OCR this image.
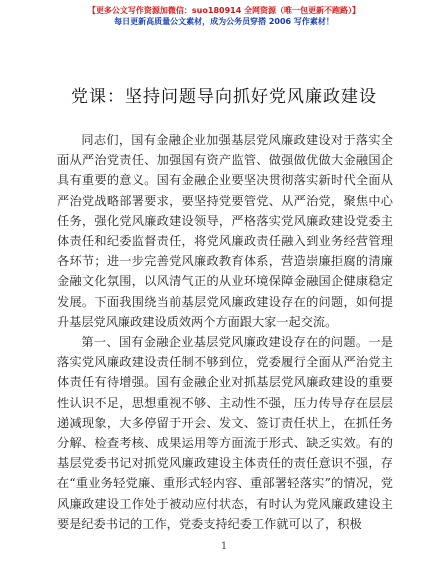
【更多公文写作资源加微信：suo180914 全网资源（唯一包更新不跑路）】
每日更新高质量公文素材，成为公务员穿搭 2006 写作素材！
党课：坚持问题导向抓好党风廉政建设

同志们，国有金融企业加强基层党风廉政建设对于落实全面从严治党责任、加强国有资产监管、做强做优做大金融国企具有重要的意义。国有金融企业要坚决贯彻落实新时代全面从严治党战略部署要求，要坚持党要管党、从严治党，聚焦中心任务，强化党风廉政建设领导，严格落实党风廉政建设党委主体责任和纪委监督责任，将党风廉政责任融入到业务经营管理各环节；进一步完善党风廉政教育体系，营造崇廉拒腐的清廉金融文化氛围，以风清气正的从业环境保障金融国企健康稳定发展。下面我围绕当前基层党风廉政建设存在的问题，如何提升基层党风廉政建设质效两个方面跟大家一起交流。

第一、国有金融企业基层党风廉政建设存在的问题。一是落实党风廉政建设责任制不够到位，党委履行全面从严治党主体责任有待增强。国有金融企业对抓基层党风廉政建设的重要性认识不足，思想重视不够、主动性不强，压力传导存在层层递减现象，大多停留于开会、发文、签订责任状上，在抓任务分解、检查考核、成果运用等方面流于形式、缺乏实效。有的基层党委书记对抓党风廉政建设主体责任的责任意识不强，存在“重业务轻党廉、重形式轻内容、重部署轻落实”的情况，党风廉政建设工作处于被动应付状态，有时认为党风廉政建设主要是纪委书记的工作，党委支持纪委工作就可以了，积极

1
